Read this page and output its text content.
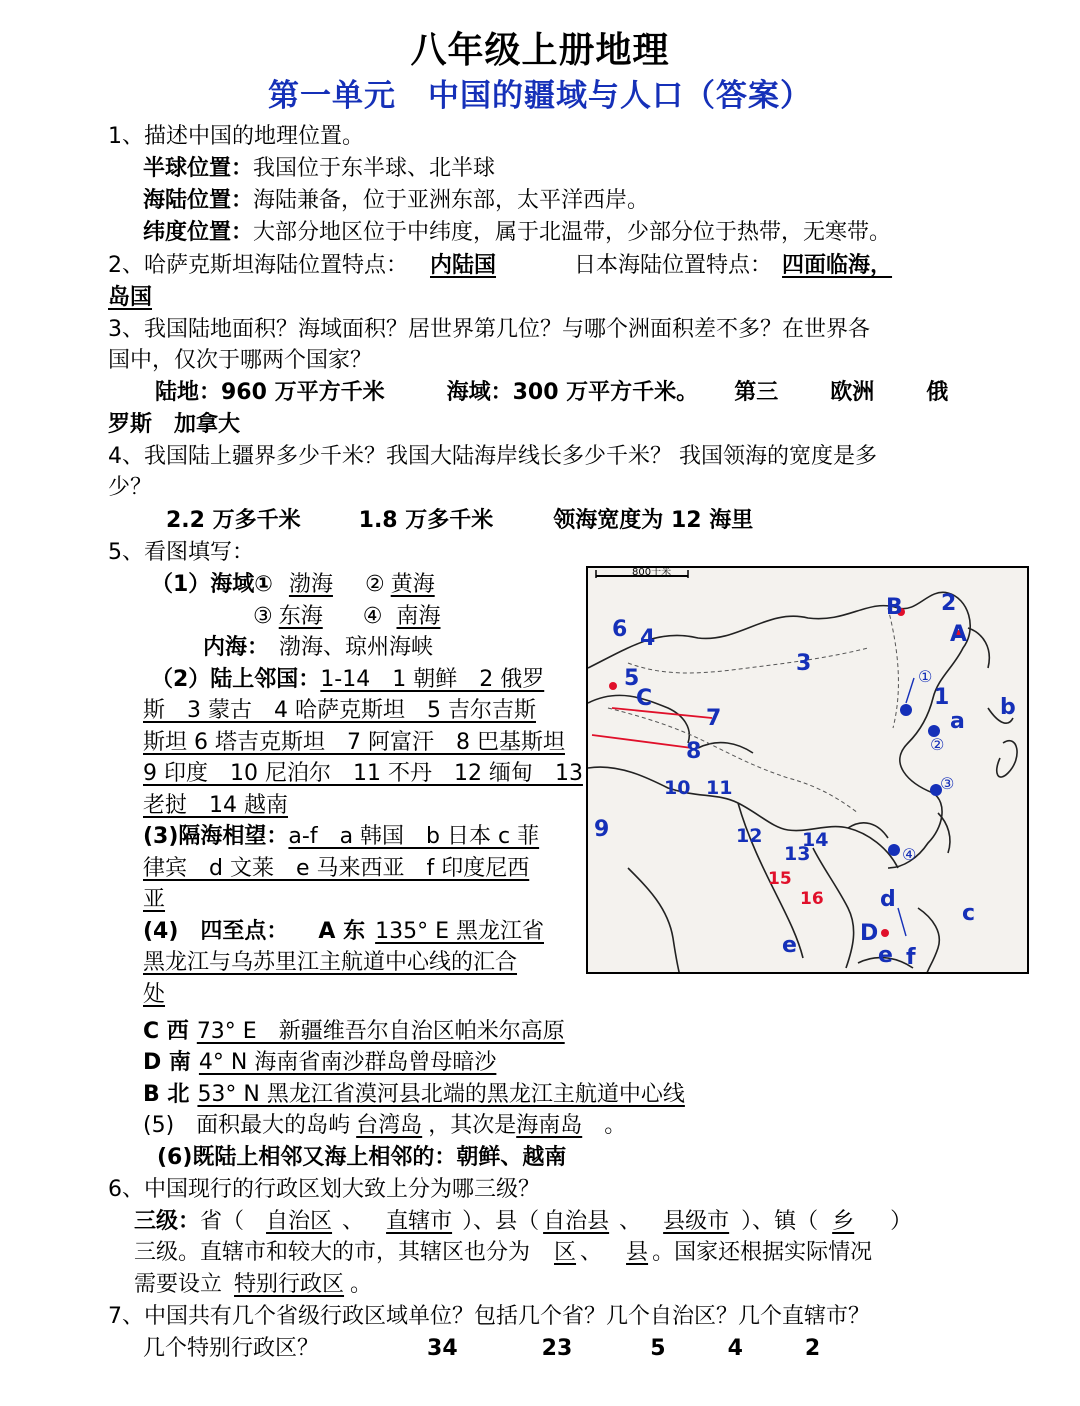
八年级上册地理
第一单元　中国的疆域与人口（答案）
1、描述中国的地理位置。
半球位置：我国位于东半球、北半球
海陆位置：海陆兼备，位于亚洲东部，太平洋西岸。
纬度位置：大部分地区位于中纬度，属于北温带，少部分位于热带，无寒带。
2、哈萨克斯坦海陆位置特点： 内陆国	日本海陆位置特点： 四面临海，
岛国
3、我国陆地面积？海域面积？居世界第几位？与哪个洲面积差不多？在世界各
国中，仅次于哪两个国家？
陆地：960 万平方千米	海域：300 万平方千米。 第三 欧洲 俄
罗斯　加拿大
4、我国陆上疆界多少千米？我国大陆海岸线长多少千米？ 我国领海的宽度是多
少？
2.2 万多千米	1.8 万多千米	领海宽度为 12 海里
5、看图填写：
（1）海域① 渤海 ② 黄海
③ 东海 ④ 南海
内海： 渤海、琼州海峡
（2）陆上邻国：1-14　1 朝鲜　2 俄罗
斯　3 蒙古　4 哈萨克斯坦　5 吉尔吉斯
斯坦 6 塔吉克斯坦　7 阿富汗　8 巴基斯坦
9 印度　10 尼泊尔　11 不丹　12 缅甸　13
老挝　14 越南
(3)隔海相望：a-f　a 韩国　b 日本 c 菲
律宾　d 文莱　e 马来西亚　f 印度尼西
亚
(4)　四至点： A 东 135° E 黑龙江省
黑龙江与乌苏里江主航道中心线的汇合
处
C 西 73° E　新疆维吾尔自治区帕米尔高原
D 南 4° N 海南省南沙群岛曾母暗沙
B 北 53° N 黑龙江省漠河县北端的黑龙江主航道中心线
(5)　面积最大的岛屿 台湾岛 ，其次是海南岛　。
(6)既陆上相邻又海上相邻的：朝鲜、越南
6、中国现行的行政区划大致上分为哪三级？
三级：省（ 自治区 、 直辖市 ）、县（ 自治县 、 县级市 ）、镇（ 乡 ）
三级。直辖市和较大的市，其辖区也分为 区 、 县 。国家还根据实际情况
需要设立 特别行政区 。
7、中国共有几个省级行政区域单位？包括几个省？几个自治区？几个直辖市？
几个特别行政区？	34	23	5	4	2
800千米
2
B
A
6 4
3
5
C
7
8
1
a
b
9
10 11
12 14
13
d
c
D
e	e f
15
16
①
②
③
④
